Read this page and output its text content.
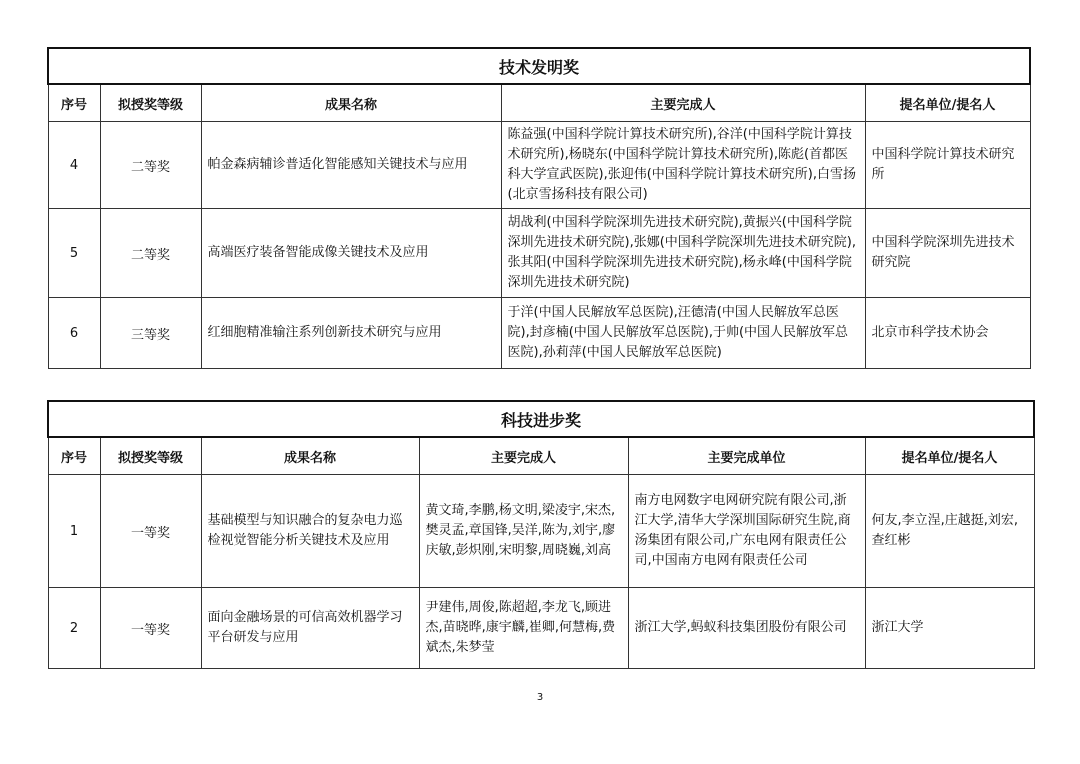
技术发明奖				
序号	拟授奖等级	成果名称	主要完成人	提名单位/提名人
4	二等奖	帕金森病辅诊普适化智能感知关键技术与应用	陈益强(中国科学院计算技术研究所),谷洋(中国科学院计算技术研究所),杨晓东(中国科学院计算技术研究所),陈彪(首都医科大学宣武医院),张迎伟(中国科学院计算技术研究所),白雪扬(北京雪扬科技有限公司)	中国科学院计算技术研究所
5	二等奖	高端医疗装备智能成像关键技术及应用	胡战利(中国科学院深圳先进技术研究院),黄振兴(中国科学院深圳先进技术研究院),张娜(中国科学院深圳先进技术研究院),张其阳(中国科学院深圳先进技术研究院),杨永峰(中国科学院深圳先进技术研究院)	中国科学院深圳先进技术研究院
6	三等奖	红细胞精准输注系列创新技术研究与应用	于洋(中国人民解放军总医院),汪德清(中国人民解放军总医院),封彦楠(中国人民解放军总医院),于帅(中国人民解放军总医院),孙莉萍(中国人民解放军总医院)	北京市科学技术协会
科技进步奖					
序号	拟授奖等级	成果名称	主要完成人	主要完成单位	提名单位/提名人
1	一等奖	基础模型与知识融合的复杂电力巡检视觉智能分析关键技术及应用	黄文琦,李鹏,杨文明,梁凌宇,宋杰,樊灵孟,章国锋,吴洋,陈为,刘宇,廖庆敏,彭炽刚,宋明黎,周晓巍,刘高	南方电网数字电网研究院有限公司,浙江大学,清华大学深圳国际研究生院,商汤集团有限公司,广东电网有限责任公司,中国南方电网有限责任公司	何友,李立浧,庄越挺,刘宏,查红彬
2	一等奖	面向金融场景的可信高效机器学习平台研发与应用	尹建伟,周俊,陈超超,李龙飞,顾进杰,苗晓晔,康宇麟,崔卿,何慧梅,费斌杰,朱梦莹	浙江大学,蚂蚁科技集团股份有限公司	浙江大学
3
